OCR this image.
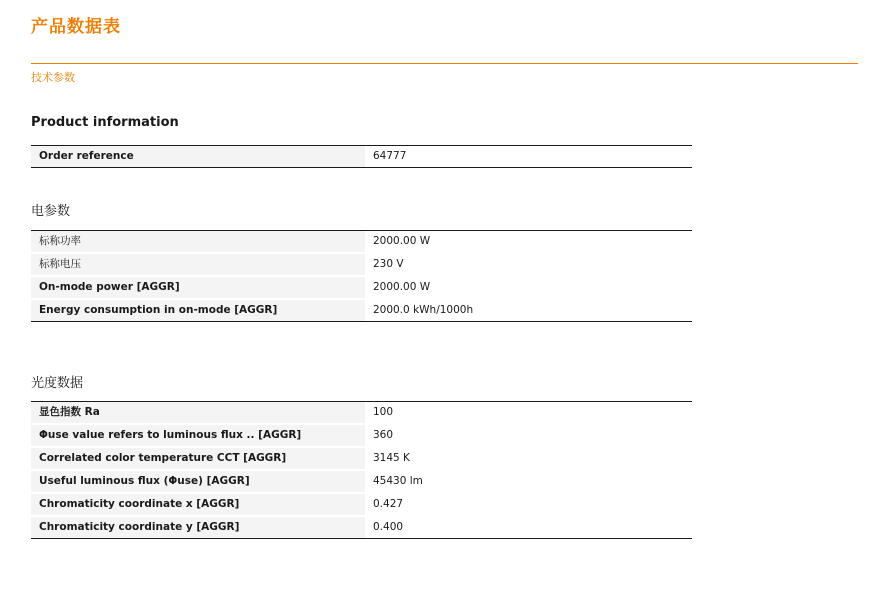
产品数据表
技术参数
Product information
Order reference	64777
电参数
标称功率	2000.00 W
标称电压	230 V
On-mode power [AGGR]	2000.00 W
Energy consumption in on-mode [AGGR]	2000.0 kWh/1000h
光度数据
显色指数 Ra	100
Φuse value refers to luminous flux .. [AGGR]	360
Correlated color temperature CCT [AGGR]	3145 K
Useful luminous flux (Φuse) [AGGR]	45430 lm
Chromaticity coordinate x [AGGR]	0.427
Chromaticity coordinate y [AGGR]	0.400
